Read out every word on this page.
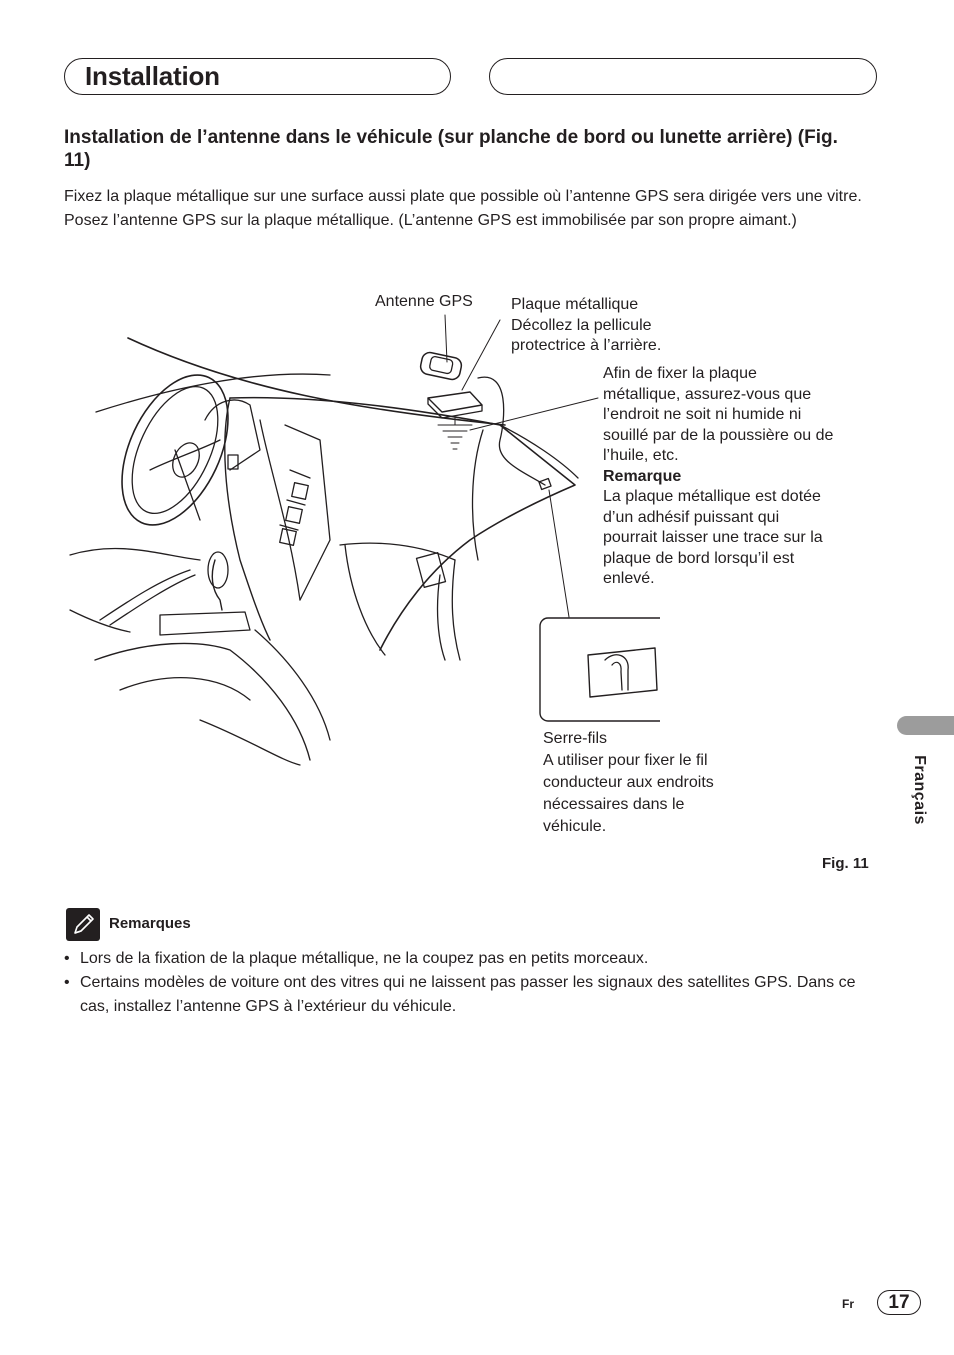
Installation
Installation de l’antenne dans le véhicule (sur planche de bord ou lunette arrière) (Fig. 11)

Fixez la plaque métallique sur une surface aussi plate que possible où l’antenne GPS sera dirigée vers une vitre. Posez l’antenne GPS sur la plaque métallique. (L’antenne GPS est immobilisée par son propre aimant.)

Antenne GPS Plaque métallique
Décollez la pellicule
protectrice à l’arrière.
Afin de fixer la plaque
métallique, assurez-vous que
l’endroit ne soit ni humide ni
souillé par de la poussière ou de
l’huile, etc.
Remarque
La plaque métallique est dotée
d’un adhésif puissant qui
pourrait laisser une trace sur la
plaque de bord lorsqu’il est
enlevé.
Serre-fils
A utiliser pour fixer le fil
conducteur aux endroits
nécessaires dans le
véhicule.
Fig. 11
Remarques
• Lors de la fixation de la plaque métallique, ne la coupez pas en petits morceaux.
• Certains modèles de voiture ont des vitres qui ne laissent pas passer les signaux des satellites GPS. Dans ce cas, installez l’antenne GPS à l’extérieur du véhicule.
Français
Fr	17
